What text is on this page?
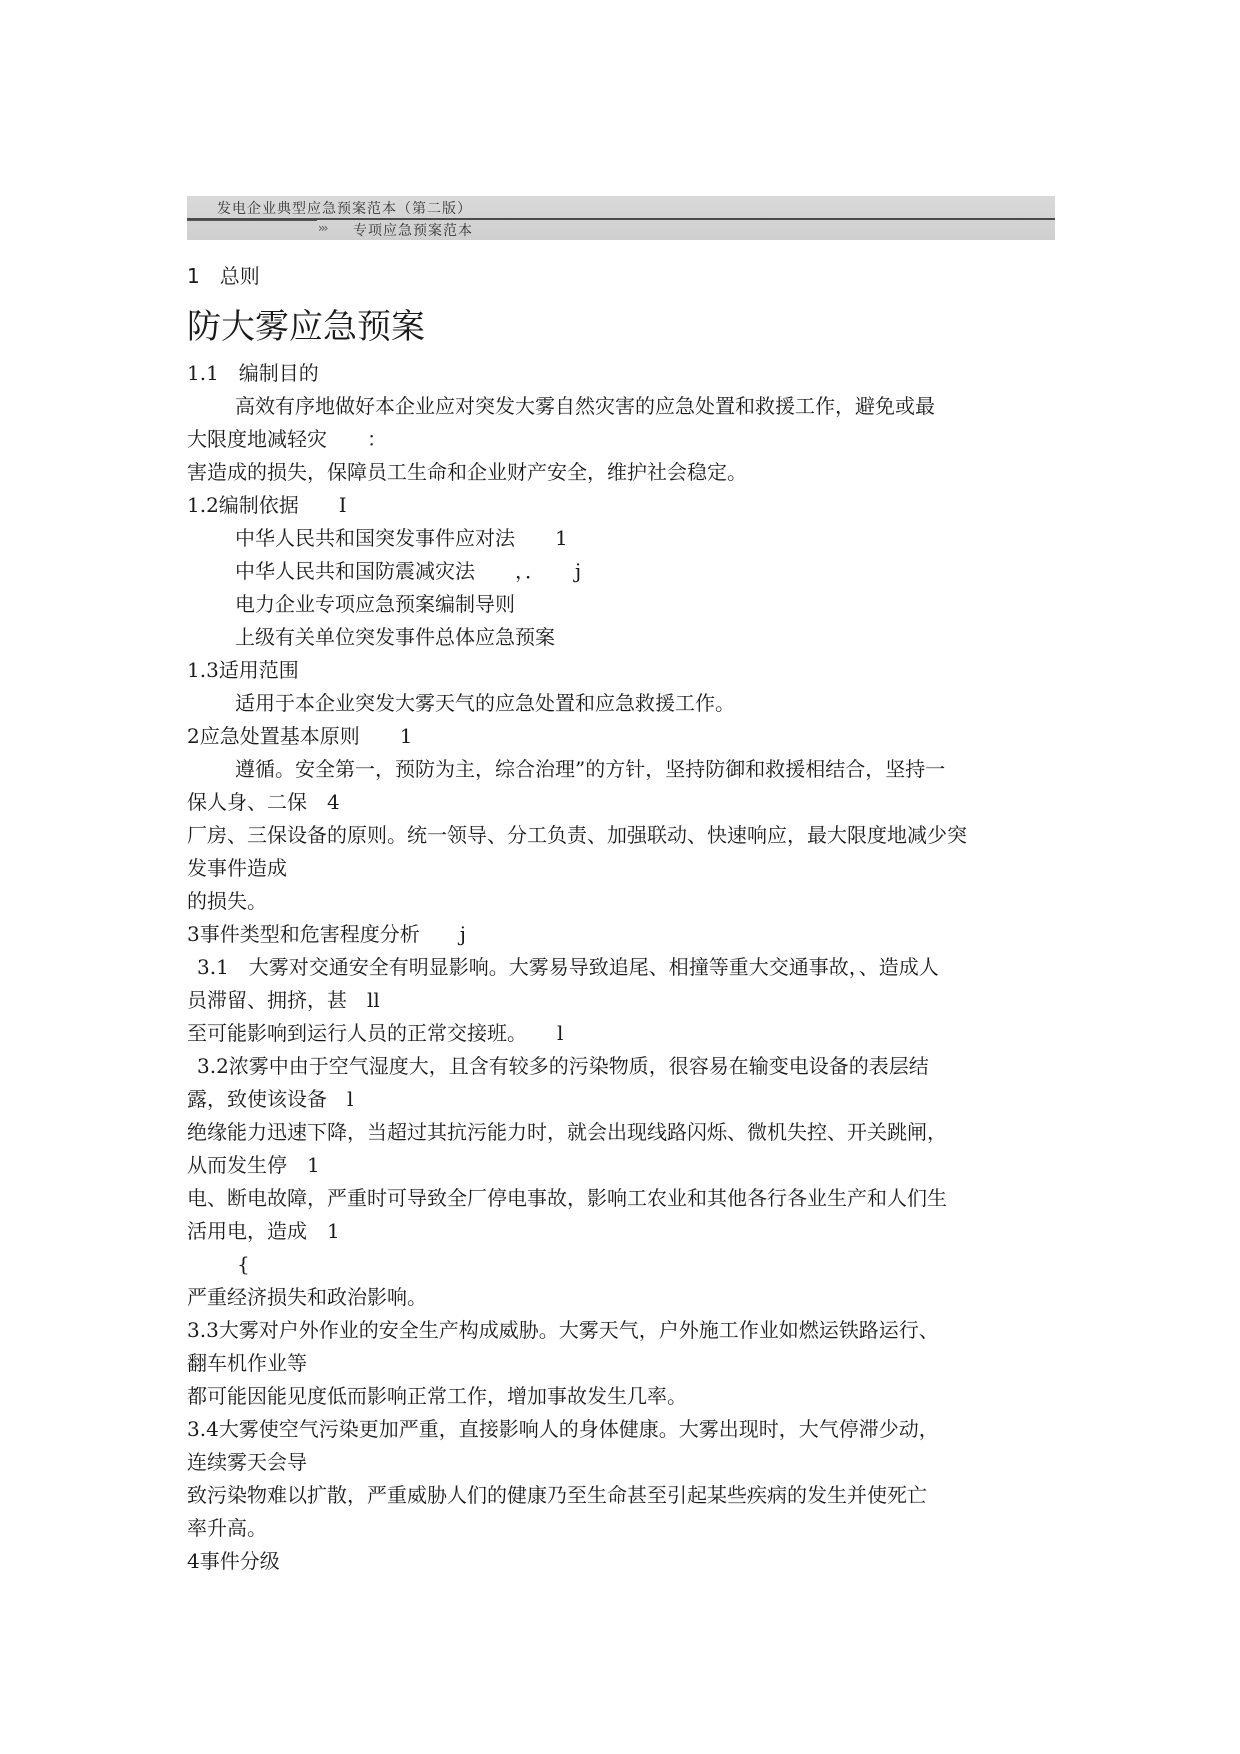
发电企业典型应急预案范本（第二版）
››› 专项应急预案范本
1　总则
防大雾应急预案
1.1　编制目的
高效有序地做好本企业应对突发大雾自然灾害的应急处置和救援工作，避免或最
大限度地减轻灾　　：
害造成的损失，保障员工生命和企业财产安全，维护社会稳定。
1.2编制依据　　I
中华人民共和国突发事件应对法　　1
中华人民共和国防震减灾法　　，．　　j
电力企业专项应急预案编制导则
上级有关单位突发事件总体应急预案
1.3适用范围
适用于本企业突发大雾天气的应急处置和应急救援工作。
2应急处置基本原则　　1
遵循。安全第一，预防为主，综合治理”的方针，坚持防御和救援相结合，坚持一
保人身、二保　4
厂房、三保设备的原则。统一领导、分工负责、加强联动、快速响应，最大限度地减少突
发事件造成
的损失。
3事件类型和危害程度分析　　j
3.1　大雾对交通安全有明显影响。大雾易导致追尾、相撞等重大交通事故，、造成人
员滞留、拥挤，甚　ll
至可能影响到运行人员的正常交接班。　　l
3.2浓雾中由于空气湿度大，且含有较多的污染物质，很容易在输变电设备的表层结
露，致使该设备　l
绝缘能力迅速下降，当超过其抗污能力时，就会出现线路闪烁、微机失控、开关跳闸，
从而发生停　1
电、断电故障，严重时可导致全厂停电事故，影响工农业和其他各行各业生产和人们生
活用电，造成　1
{
严重经济损失和政治影响。
3.3大雾对户外作业的安全生产构成威胁。大雾天气，户外施工作业如燃运铁路运行、
翻车机作业等
都可能因能见度低而影响正常工作，增加事故发生几率。
3.4大雾使空气污染更加严重，直接影响人的身体健康。大雾出现时，大气停滞少动，
连续雾天会导
致污染物难以扩散，严重威胁人们的健康乃至生命甚至引起某些疾病的发生并使死亡
率升高。
4事件分级
